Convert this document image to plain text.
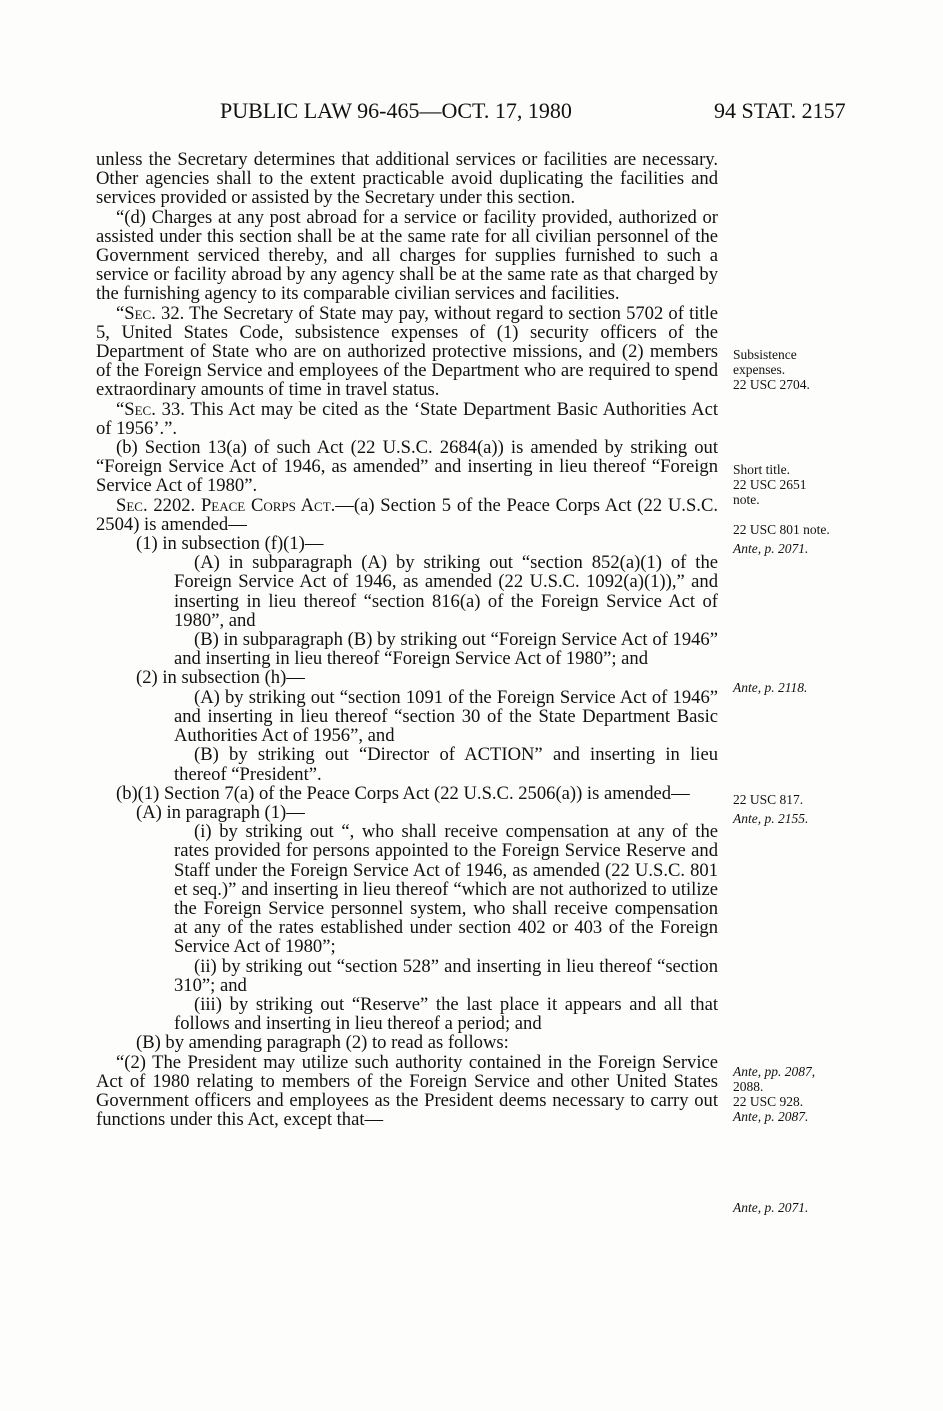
PUBLIC LAW 96-465—OCT. 17, 1980	94 STAT. 2157

unless the Secretary determines that additional services or facilities are necessary. Other agencies shall to the extent practicable avoid duplicating the facilities and services provided or assisted by the Secretary under this section.

“(d) Charges at any post abroad for a service or facility provided, authorized or assisted under this section shall be at the same rate for all civilian personnel of the Government serviced thereby, and all charges for supplies furnished to such a service or facility abroad by any agency shall be at the same rate as that charged by the furnishing agency to its comparable civilian services and facilities.

“Sec. 32. The Secretary of State may pay, without regard to section 5702 of title 5, United States Code, subsistence expenses of (1) security officers of the Department of State who are on authorized protective missions, and (2) members of the Foreign Service and employees of the Department who are required to spend extraordinary amounts of time in travel status.

“Sec. 33. This Act may be cited as the ‘State Department Basic Authorities Act of 1956’.”.

(b) Section 13(a) of such Act (22 U.S.C. 2684(a)) is amended by striking out “Foreign Service Act of 1946, as amended” and inserting in lieu thereof “Foreign Service Act of 1980”.

Sec. 2202. Peace Corps Act.—(a) Section 5 of the Peace Corps Act (22 U.S.C. 2504) is amended—

(1) in subsection (f)(1)—

(A) in subparagraph (A) by striking out “section 852(a)(1) of the Foreign Service Act of 1946, as amended (22 U.S.C. 1092(a)(1)),” and inserting in lieu thereof “section 816(a) of the Foreign Service Act of 1980”, and

(B) in subparagraph (B) by striking out “Foreign Service Act of 1946” and inserting in lieu thereof “Foreign Service Act of 1980”; and

(2) in subsection (h)—

(A) by striking out “section 1091 of the Foreign Service Act of 1946” and inserting in lieu thereof “section 30 of the State Department Basic Authorities Act of 1956”, and

(B) by striking out “Director of ACTION” and inserting in lieu thereof “President”.

(b)(1) Section 7(a) of the Peace Corps Act (22 U.S.C. 2506(a)) is amended—

(A) in paragraph (1)—

(i) by striking out “, who shall receive compensation at any of the rates provided for persons appointed to the Foreign Service Reserve and Staff under the Foreign Service Act of 1946, as amended (22 U.S.C. 801 et seq.)” and inserting in lieu thereof “which are not authorized to utilize the Foreign Service personnel system, who shall receive compensation at any of the rates established under section 402 or 403 of the Foreign Service Act of 1980”;

(ii) by striking out “section 528” and inserting in lieu thereof “section 310”; and

(iii) by striking out “Reserve” the last place it appears and all that follows and inserting in lieu thereof a period; and

(B) by amending paragraph (2) to read as follows:

“(2) The President may utilize such authority contained in the Foreign Service Act of 1980 relating to members of the Foreign Service and other United States Government officers and employees as the President deems necessary to carry out functions under this Act, except that—

Subsistence
expenses.
22 USC 2704.
Short title.
22 USC 2651
note.
22 USC 801 note.
Ante, p. 2071.
Ante, p. 2118.
22 USC 817.
Ante, p. 2155.
Ante, pp. 2087,
2088.
22 USC 928.
Ante, p. 2087.
Ante, p. 2071.
